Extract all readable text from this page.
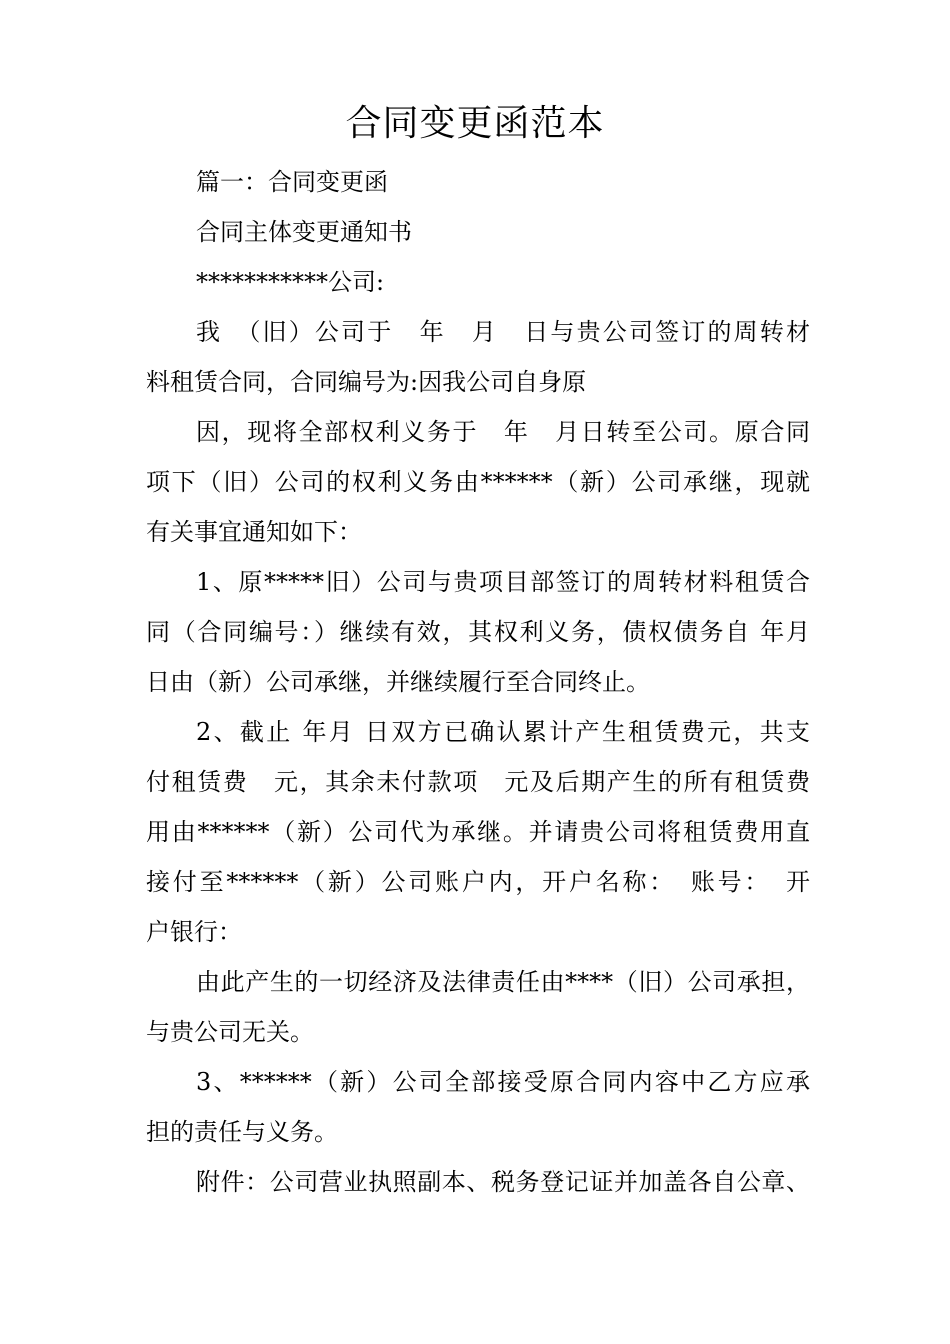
合同变更函范本
篇一：合同变更函
合同主体变更通知书
***********公司:
我　（旧）公司于　年　月　日与贵公司签订的周转材
料租赁合同，合同编号为:因我公司自身原
因，现将全部权利义务于　年　月日转至公司。原合同
项下（旧）公司的权利义务由******（新）公司承继，现就
有关事宜通知如下：
1、原*****旧）公司与贵项目部签订的周转材料租赁合
同（合同编号：）继续有效，其权利义务，债权债务自 年月
日由（新）公司承继，并继续履行至合同终止。
2、截止 年月 日双方已确认累计产生租赁费元，共支
付租赁费　元，其余未付款项　元及后期产生的所有租赁费
用由******（新）公司代为承继。并请贵公司将租赁费用直
接付至******（新）公司账户内，开户名称：　账号：　开
户银行：
由此产生的一切经济及法律责任由****（旧）公司承担，
与贵公司无关。
3、******（新）公司全部接受原合同内容中乙方应承
担的责任与义务。
附件：公司营业执照副本、税务登记证并加盖各自公章、
